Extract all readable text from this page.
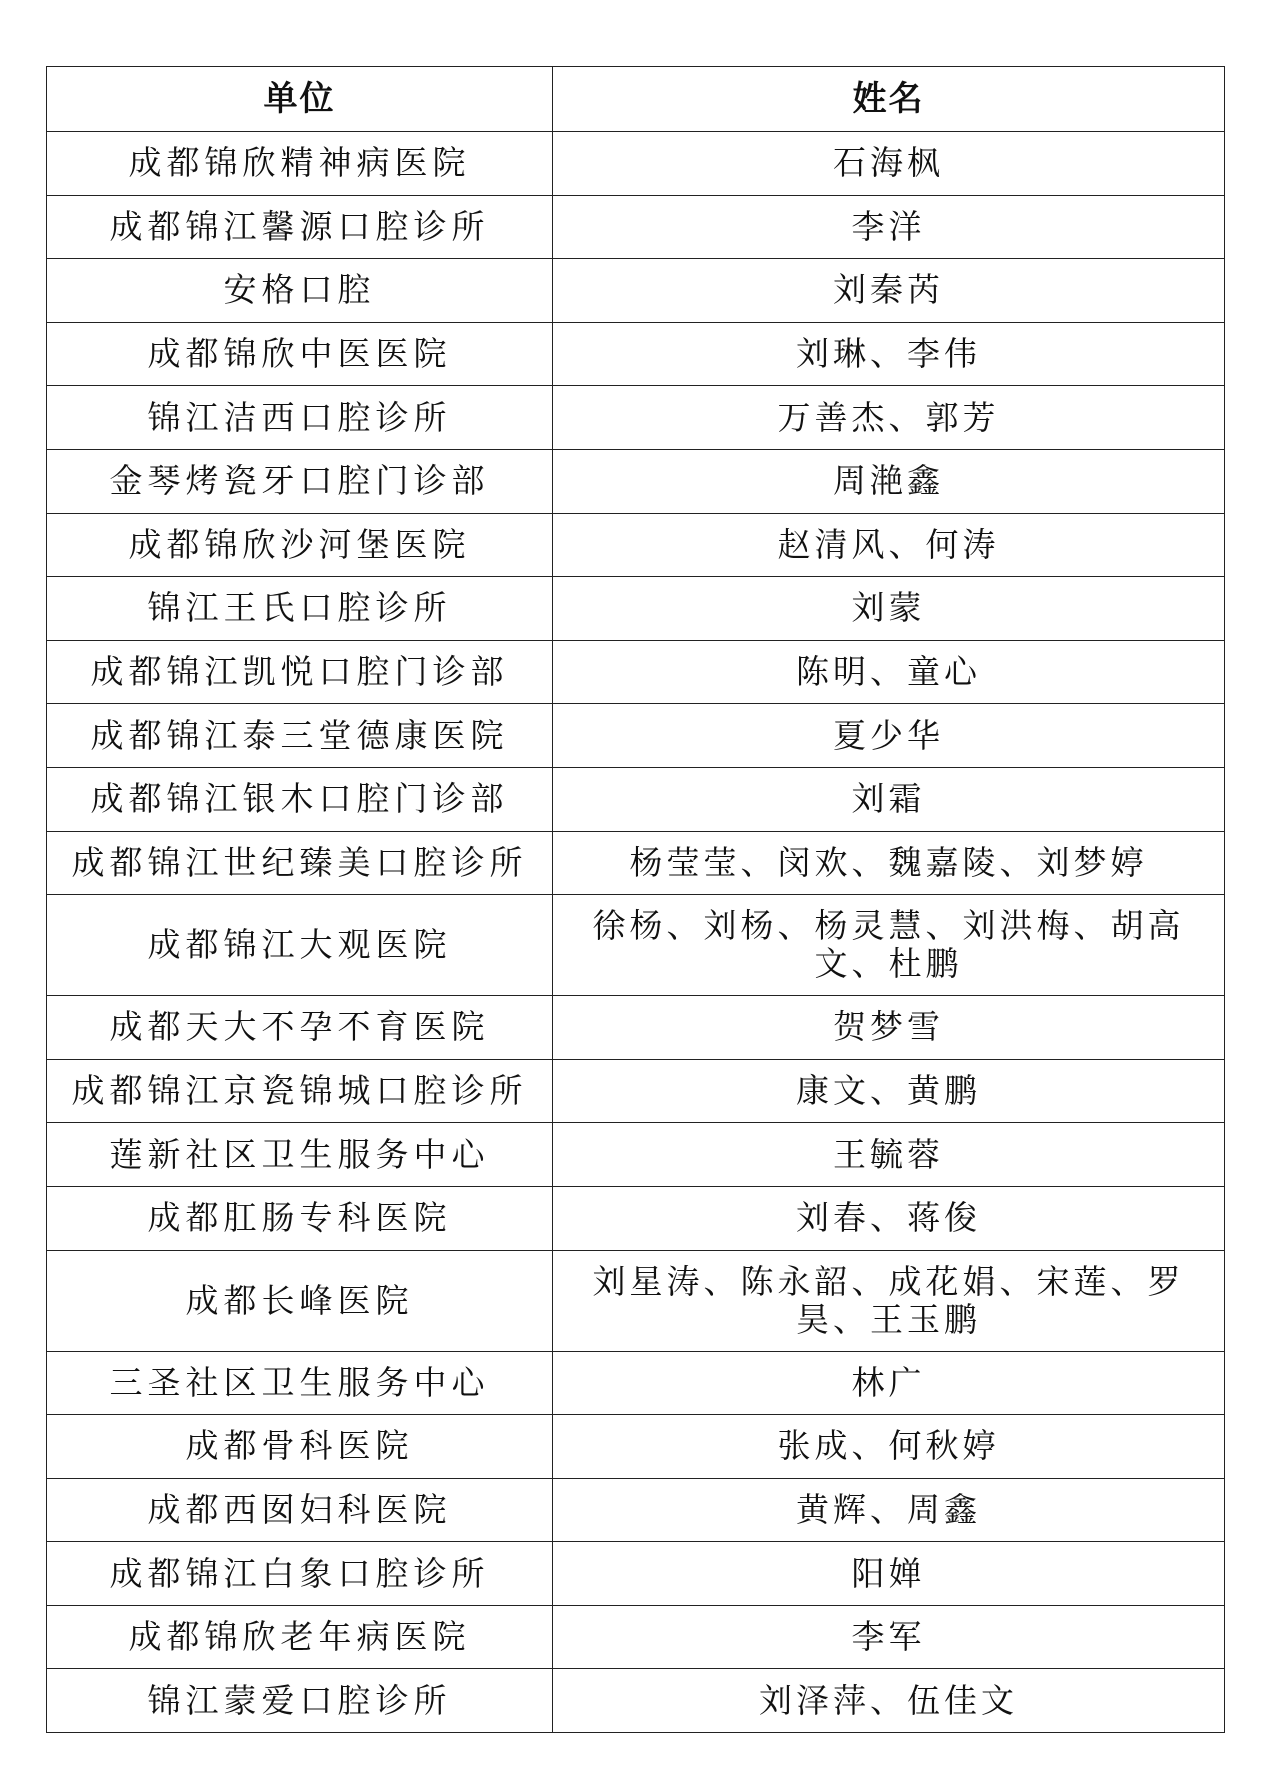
单位	姓名
成都锦欣精神病医院	石海枫
成都锦江馨源口腔诊所	李洋
安格口腔	刘秦芮
成都锦欣中医医院	刘琳、李伟
锦江洁西口腔诊所	万善杰、郭芳
金琴烤瓷牙口腔门诊部	周滟鑫
成都锦欣沙河堡医院	赵清风、何涛
锦江王氏口腔诊所	刘蒙
成都锦江凯悦口腔门诊部	陈明、童心
成都锦江泰三堂德康医院	夏少华
成都锦江银木口腔门诊部	刘霜
成都锦江世纪臻美口腔诊所	杨莹莹、闵欢、魏嘉陵、刘梦婷
成都锦江大观医院	徐杨、刘杨、杨灵慧、刘洪梅、胡高文、杜鹏
成都天大不孕不育医院	贺梦雪
成都锦江京瓷锦城口腔诊所	康文、黄鹏
莲新社区卫生服务中心	王毓蓉
成都肛肠专科医院	刘春、蒋俊
成都长峰医院	刘星涛、陈永韶、成花娟、宋莲、罗昊、王玉鹏
三圣社区卫生服务中心	林广
成都骨科医院	张成、何秋婷
成都西囡妇科医院	黄辉、周鑫
成都锦江白象口腔诊所	阳婵
成都锦欣老年病医院	李军
锦江蒙爱口腔诊所	刘泽萍、伍佳文
